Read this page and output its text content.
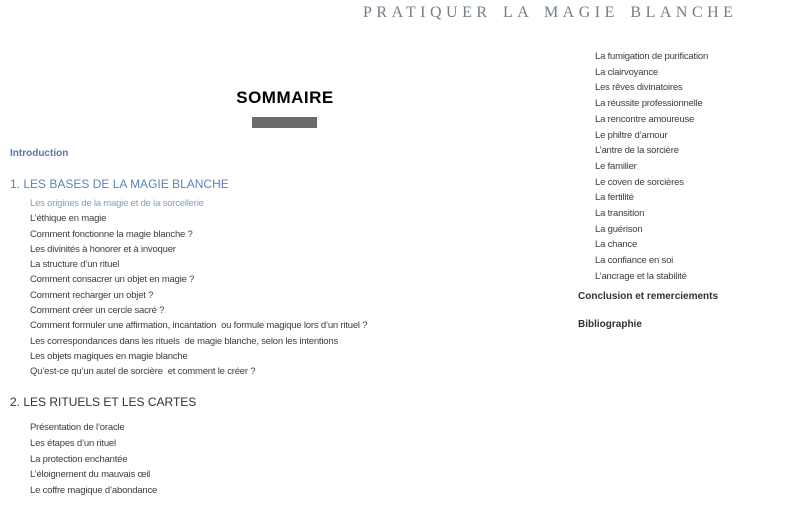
PRATIQUER LA MAGIE BLANCHE
SOMMAIRE
Introduction
1. LES BASES DE LA MAGIE BLANCHE
Les origines de la magie et de la sorcellerie
L’éthique en magie
Comment fonctionne la magie blanche ?
Les divinités à honorer et à invoquer
La structure d’un rituel
Comment consacrer un objet en magie ?
Comment recharger un objet ?
Comment créer un cercle sacré ?
Comment formuler une affirmation, incantation  ou formule magique lors d’un rituel ?
Les correspondances dans les rituels  de magie blanche, selon les intentions
Les objets magiques en magie blanche
Qu’est-ce qu’un autel de sorcière  et comment le créer ?
2. LES RITUELS ET LES CARTES
Présentation de l’oracle
Les étapes d’un rituel
La protection enchantée
L’éloignement du mauvais œil
Le coffre magique d’abondance
La fumigation de purification
La clairvoyance
Les rêves divinatoires
La réussite professionnelle
La rencontre amoureuse
Le philtre d’amour
L’antre de la sorcière
Le familier
Le coven de sorcières
La fertilité
La transition
La guérison
La chance
La confiance en soi
L’ancrage et la stabilité
Conclusion et remerciements
Bibliographie
